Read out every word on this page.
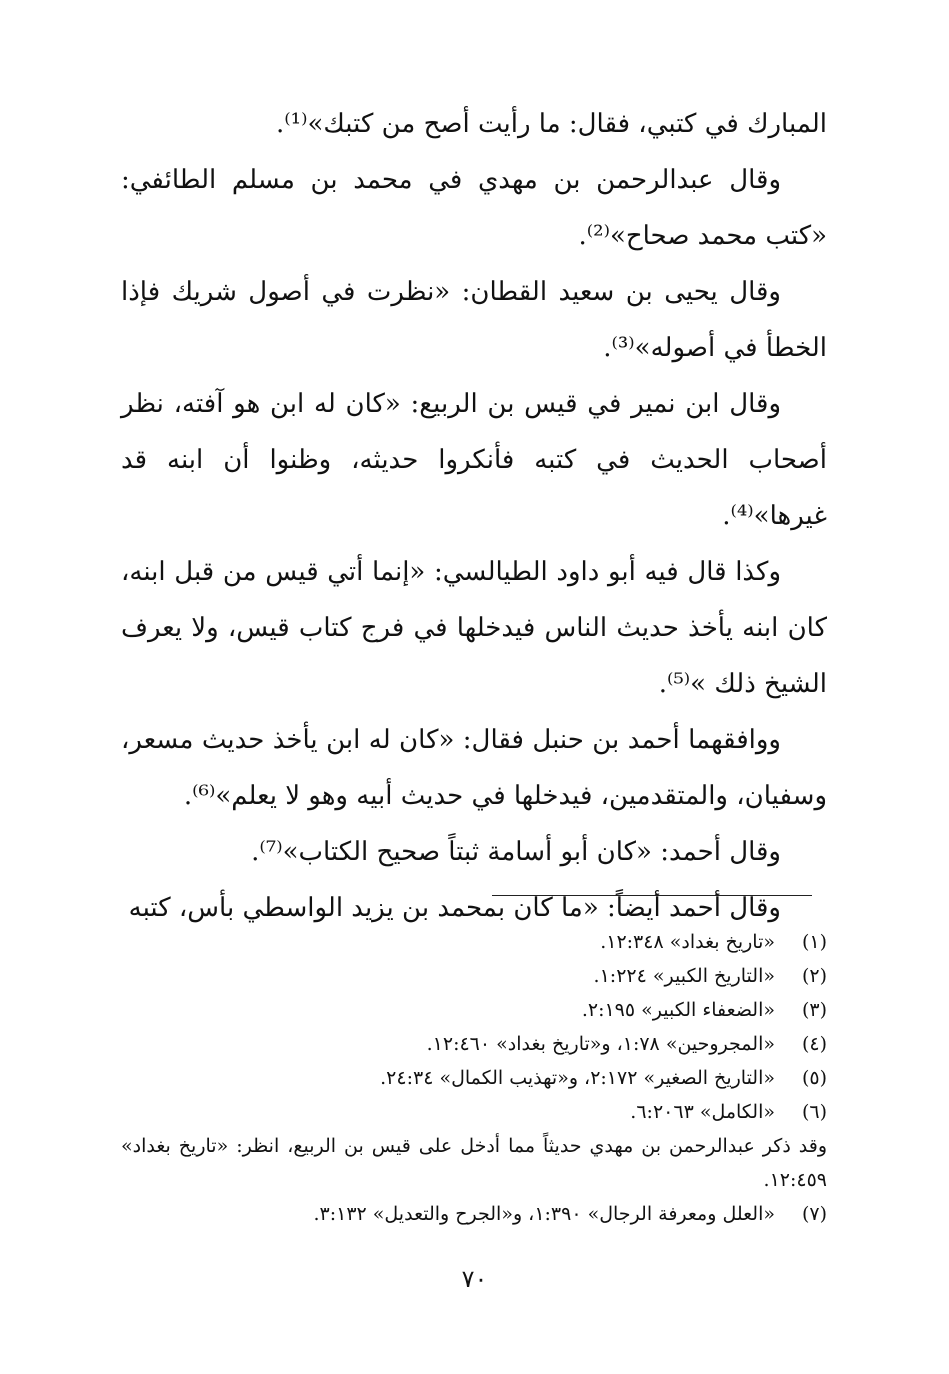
المبارك في كتبي، فقال: ما رأيت أصح من كتبك»⁽¹⁾.

وقال عبدالرحمن بن مهدي في محمد بن مسلم الطائفي: «كتب محمد صحاح»⁽²⁾.

وقال يحيى بن سعيد القطان: «نظرت في أصول شريك فإذا الخطأ في أصوله»⁽³⁾.

وقال ابن نمير في قيس بن الربيع: «كان له ابن هو آفته، نظر أصحاب الحديث في كتبه فأنكروا حديثه، وظنوا أن ابنه قد غيرها»⁽⁴⁾.

وكذا قال فيه أبو داود الطيالسي: «إنما أتي قيس من قبل ابنه، كان ابنه يأخذ حديث الناس فيدخلها في فرج كتاب قيس، ولا يعرف الشيخ ذلك »⁽⁵⁾.

ووافقهما أحمد بن حنبل فقال: «كان له ابن يأخذ حديث مسعر، وسفيان، والمتقدمين، فيدخلها في حديث أبيه وهو لا يعلم»⁽⁶⁾.

وقال أحمد: «كان أبو أسامة ثبتاً صحيح الكتاب»⁽⁷⁾.

وقال أحمد أيضاً: «ما كان بمحمد بن يزيد الواسطي بأس، كتبه

(١)
«تاريخ بغداد» ١٢:٣٤٨.
(٢)
«التاريخ الكبير» ١:٢٢٤.
(٣)
«الضعفاء الكبير» ٢:١٩٥.
(٤)
«المجروحين» ١:٧٨، و«تاريخ بغداد» ١٢:٤٦٠.
(٥)
«التاريخ الصغير» ٢:١٧٢، و«تهذيب الكمال» ٢٤:٣٤.
(٦)
«الكامل» ٦:٢٠٦٣.
وقد ذكر عبدالرحمن بن مهدي حديثاً مما أدخل على قيس بن الربيع، انظر: «تاريخ بغداد» ١٢:٤٥٩.
(٧)
«العلل ومعرفة الرجال» ١:٣٩٠، و«الجرح والتعديل» ٣:١٣٢.
٧٠
